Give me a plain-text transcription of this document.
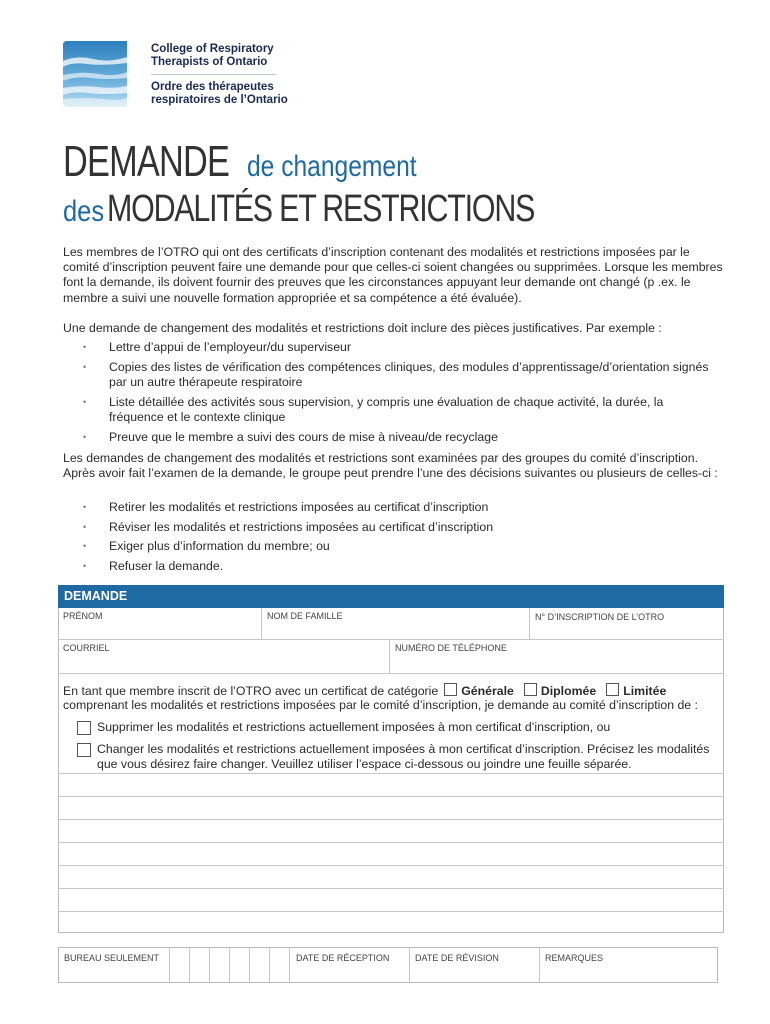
College of Respiratory
Therapists of Ontario
Ordre des thérapeutes
respiratoires de l’Ontario
DEMANDE de changement
desMODALITÉS ET RESTRICTIONS
Les membres de l’OTRO qui ont des certificats d’inscription contenant des modalités et restrictions imposées par le comité d’inscription peuvent faire une demande pour que celles-ci soient changées ou supprimées. Lorsque les membres font la demande, ils doivent fournir des preuves que les circonstances appuyant leur demande ont changé (p .ex. le membre a suivi une nouvelle formation appropriée et sa compétence a été évaluée).
Une demande de changement des modalités et restrictions doit inclure des pièces justificatives. Par exemple :
• Lettre d’appui de l’employeur/du superviseur
• Copies des listes de vérification des compétences cliniques, des modules d’apprentissage/d’orientation signés par un autre thérapeute respiratoire
• Liste détaillée des activités sous supervision, y compris une évaluation de chaque activité, la durée, la fréquence et le contexte clinique
• Preuve que le membre a suivi des cours de mise à niveau/de recyclage
Les demandes de changement des modalités et restrictions sont examinées par des groupes du comité d’inscription. Après avoir fait l’examen de la demande, le groupe peut prendre l’une des décisions suivantes ou plusieurs de celles-ci :
• Retirer les modalités et restrictions imposées au certificat d’inscription
• Réviser les modalités et restrictions imposées au certificat d’inscription
• Exiger plus d’information du membre; ou
• Refuser la demande.
DEMANDE
PRÉNOM	NOM DE FAMILLE	N° D’INSCRIPTION DE L’OTRO
COURRIEL	NUMÉRO DE TÉLÉPHONE
En tant que membre inscrit de l’OTRO avec un certificat de catégorie Générale Diplomée Limitée
comprenant les modalités et restrictions imposées par le comité d’inscription, je demande au comité d’inscription de :
Supprimer les modalités et restrictions actuellement imposées à mon certificat d’inscription, ou
Changer les modalités et restrictions actuellement imposées à mon certificat d’inscription. Précisez les modalités que vous désirez faire changer. Veuillez utiliser l’espace ci-dessous ou joindre une feuille séparée.
BUREAU SEULEMENT	DATE DE RÉCEPTION	DATE DE RÉVISION	REMARQUES
